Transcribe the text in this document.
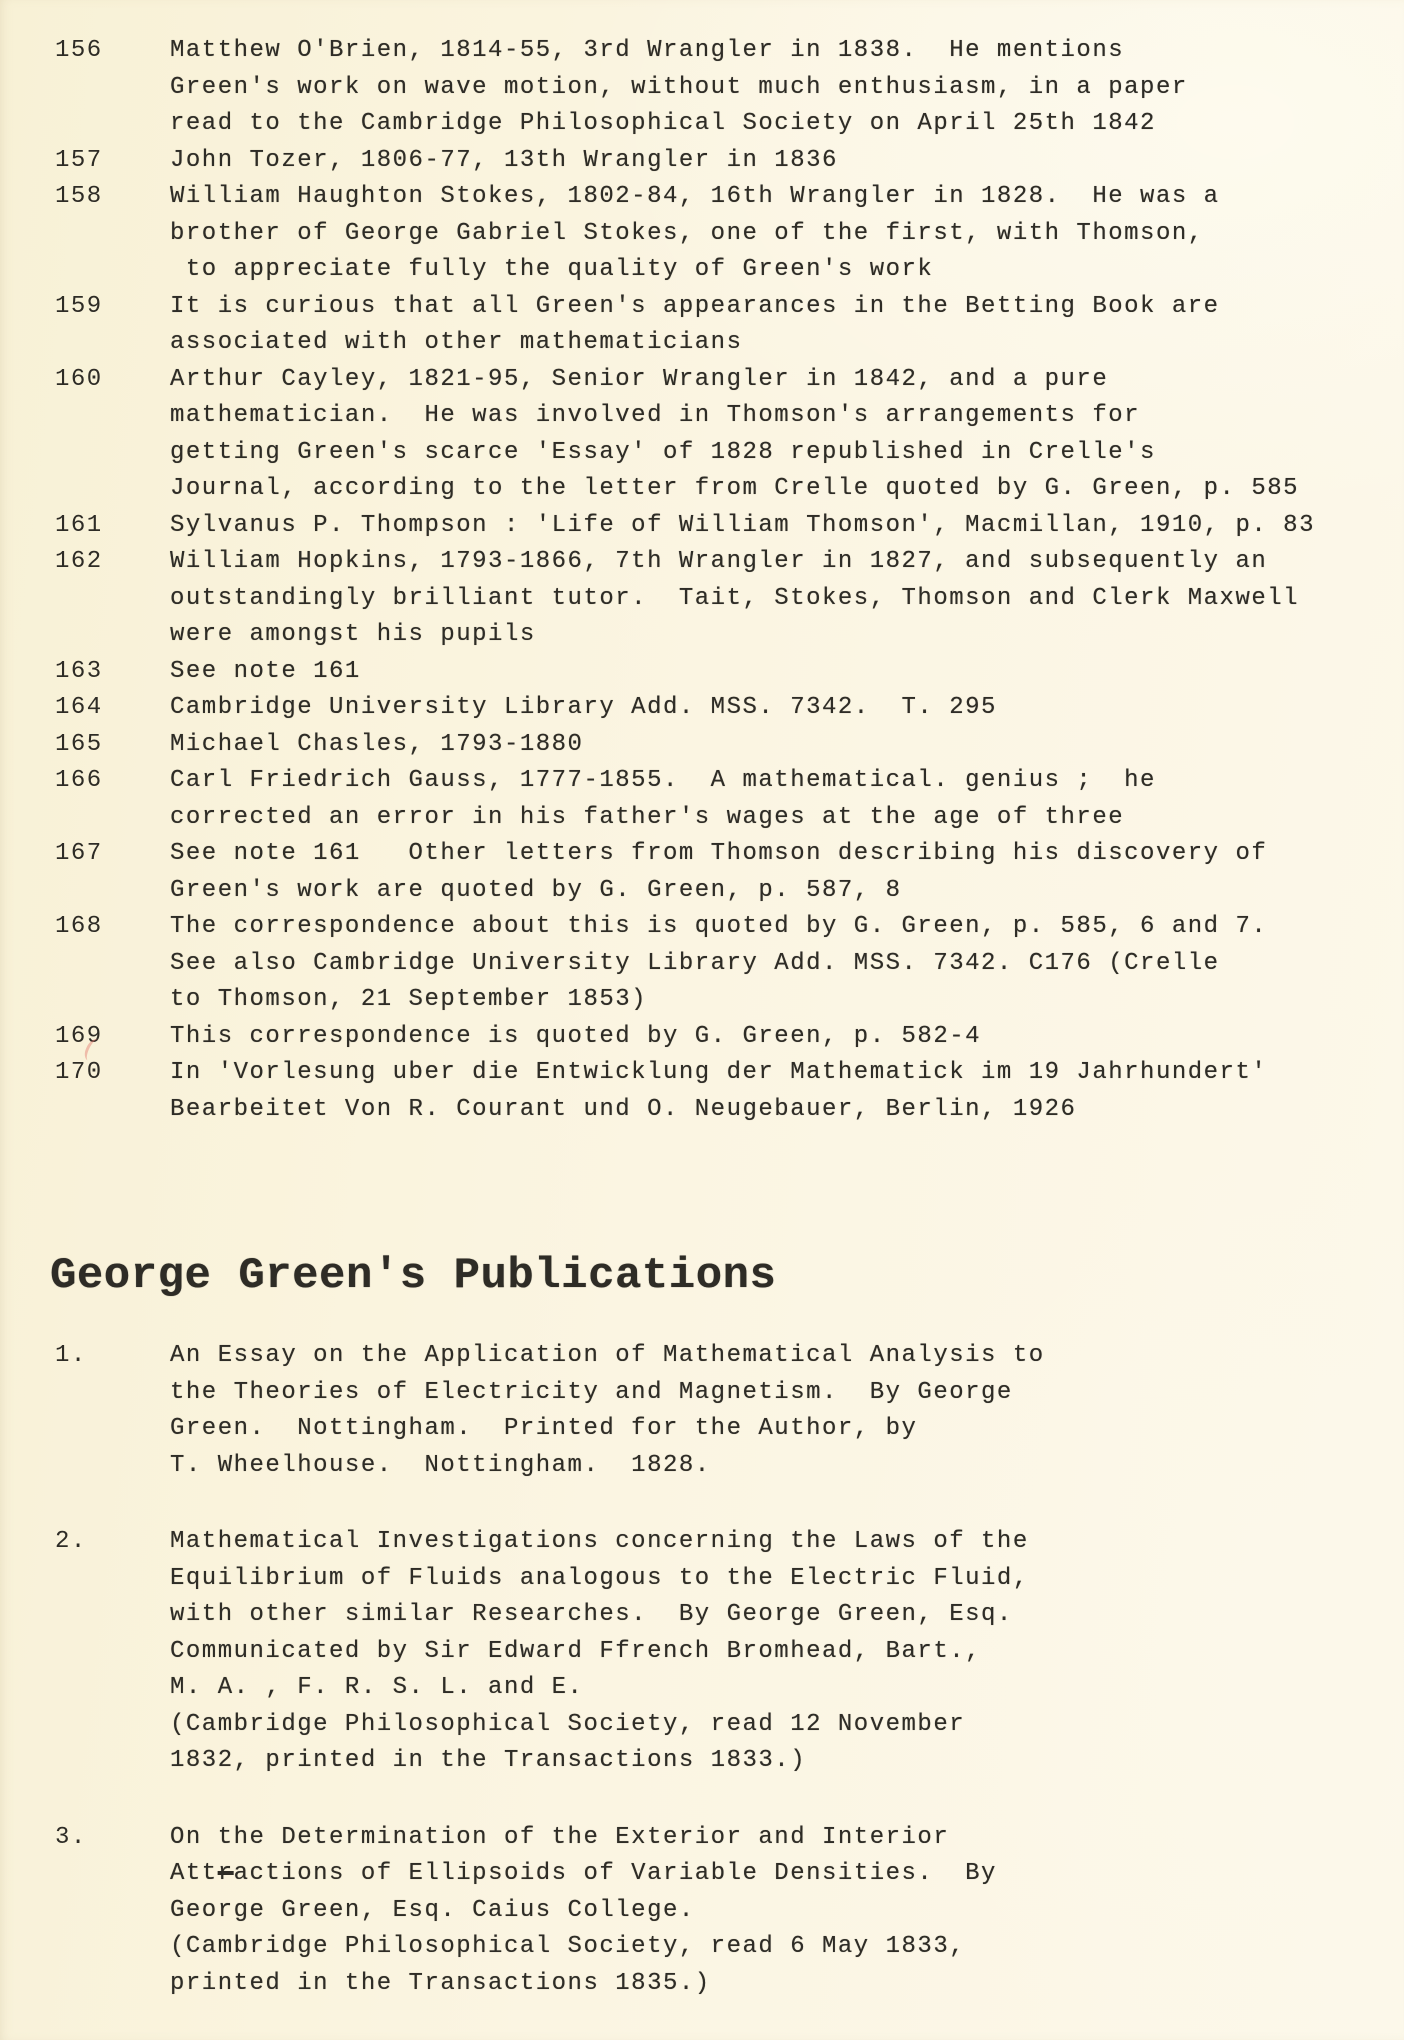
156	Matthew O'Brien, 1814-55, 3rd Wrangler in 1838.  He mentions
Green's work on wave motion, without much enthusiasm, in a paper
read to the Cambridge Philosophical Society on April 25th 1842
157	John Tozer, 1806-77, 13th Wrangler in 1836
158	William Haughton Stokes, 1802-84, 16th Wrangler in 1828.  He was a
brother of George Gabriel Stokes, one of the first, with Thomson,
to appreciate fully the quality of Green's work
159	It is curious that all Green's appearances in the Betting Book are
associated with other mathematicians
160	Arthur Cayley, 1821-95, Senior Wrangler in 1842, and a pure
mathematician.  He was involved in Thomson's arrangements for
getting Green's scarce 'Essay' of 1828 republished in Crelle's
Journal, according to the letter from Crelle quoted by G. Green, p. 585
161	Sylvanus P. Thompson : 'Life of William Thomson', Macmillan, 1910, p. 83
162	William Hopkins, 1793-1866, 7th Wrangler in 1827, and subsequently an
outstandingly brilliant tutor.  Tait, Stokes, Thomson and Clerk Maxwell
were amongst his pupils
163	See note 161
164	Cambridge University Library Add. MSS. 7342.  T. 295
165	Michael Chasles, 1793-1880
166	Carl Friedrich Gauss, 1777-1855.  A mathematical. genius ;  he
corrected an error in his father's wages at the age of three
167	See note 161   Other letters from Thomson describing his discovery of
Green's work are quoted by G. Green, p. 587, 8
168	The correspondence about this is quoted by G. Green, p. 585, 6 and 7.
See also Cambridge University Library Add. MSS. 7342. C176 (Crelle
to Thomson, 21 September 1853)
169	This correspondence is quoted by G. Green, p. 582-4
170	In 'Vorlesung uber die Entwicklung der Mathematick im 19 Jahrhundert'
Bearbeitet Von R. Courant und O. Neugebauer, Berlin, 1926
George Green's Publications
1.	An Essay on the Application of Mathematical Analysis to
the Theories of Electricity and Magnetism.  By George
Green.  Nottingham.  Printed for the Author, by
T. Wheelhouse.  Nottingham.  1828.
2.	Mathematical Investigations concerning the Laws of the
Equilibrium of Fluids analogous to the Electric Fluid,
with other similar Researches.  By George Green, Esq.
Communicated by Sir Edward Ffrench Bromhead, Bart.,
M. A. , F. R. S. L. and E.
(Cambridge Philosophical Society, read 12 November
1832, printed in the Transactions 1833.)
3.	On the Determination of the Exterior and Interior
Attractions of Ellipsoids of Variable Densities.  By
George Green, Esq. Caius College.
(Cambridge Philosophical Society, read 6 May 1833,
printed in the Transactions 1835.)
